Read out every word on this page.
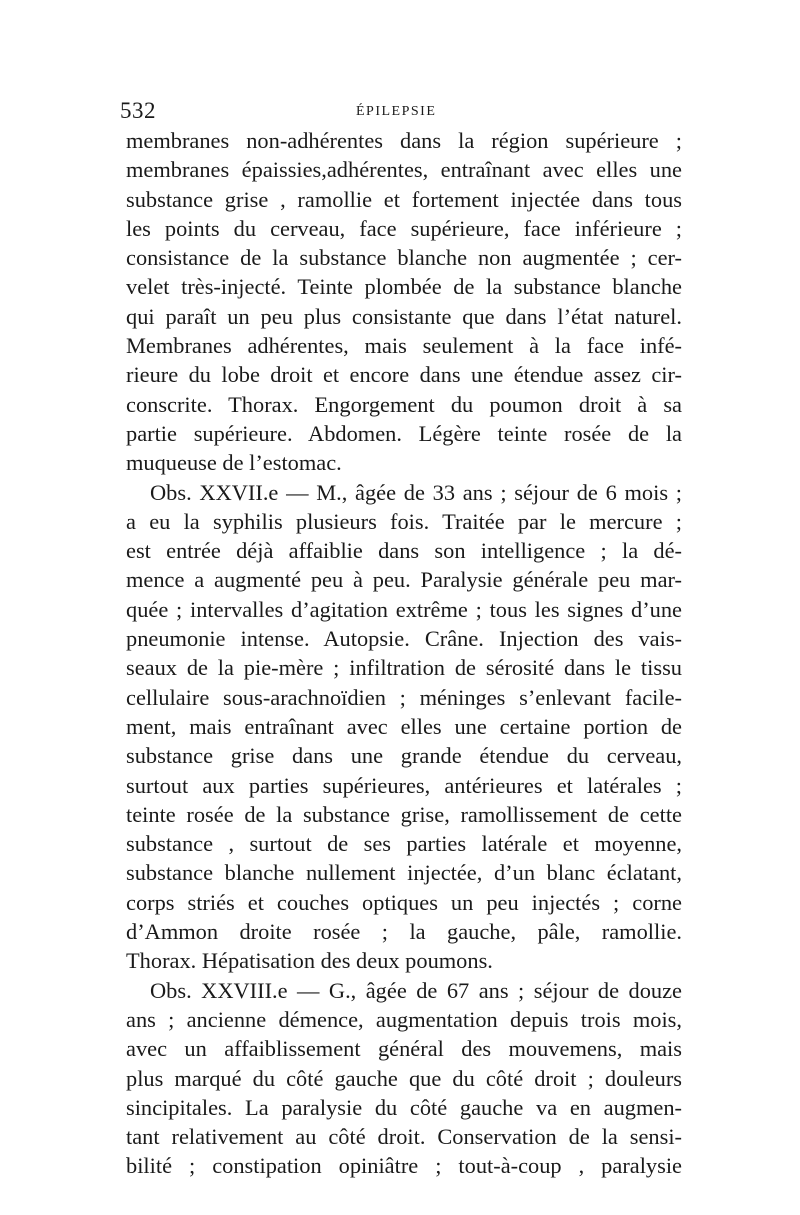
532	ÉPILEPSIE
membranes non-adhérentes dans la région supérieure ;
membranes épaissies,adhérentes, entraînant avec elles une
substance grise , ramollie et fortement injectée dans tous
les points du cerveau, face supérieure, face inférieure ;
consistance de la substance blanche non augmentée ; cer-
velet très-injecté. Teinte plombée de la substance blanche
qui paraît un peu plus consistante que dans l’état naturel.
Membranes adhérentes, mais seulement à la face infé-
rieure du lobe droit et encore dans une étendue assez cir-
conscrite. Thorax. Engorgement du poumon droit à sa
partie supérieure. Abdomen. Légère teinte rosée de la
muqueuse de l’estomac.
Obs. XXVII.e — M., âgée de 33 ans ; séjour de 6 mois ;
a eu la syphilis plusieurs fois. Traitée par le mercure ;
est entrée déjà affaiblie dans son intelligence ; la dé-
mence a augmenté peu à peu. Paralysie générale peu mar-
quée ; intervalles d’agitation extrême ; tous les signes d’une
pneumonie intense. Autopsie. Crâne. Injection des vais-
seaux de la pie-mère ; infiltration de sérosité dans le tissu
cellulaire sous-arachnoïdien ; méninges s’enlevant facile-
ment, mais entraînant avec elles une certaine portion de
substance grise dans une grande étendue du cerveau,
surtout aux parties supérieures, antérieures et latérales ;
teinte rosée de la substance grise, ramollissement de cette
substance , surtout de ses parties latérale et moyenne,
substance blanche nullement injectée, d’un blanc éclatant,
corps striés et couches optiques un peu injectés ; corne
d’Ammon droite rosée ; la gauche, pâle, ramollie.
Thorax. Hépatisation des deux poumons.
Obs. XXVIII.e — G., âgée de 67 ans ; séjour de douze
ans ; ancienne démence, augmentation depuis trois mois,
avec un affaiblissement général des mouvemens, mais
plus marqué du côté gauche que du côté droit ; douleurs
sincipitales. La paralysie du côté gauche va en augmen-
tant relativement au côté droit. Conservation de la sensi-
bilité ; constipation opiniâtre ; tout-à-coup , paralysie
